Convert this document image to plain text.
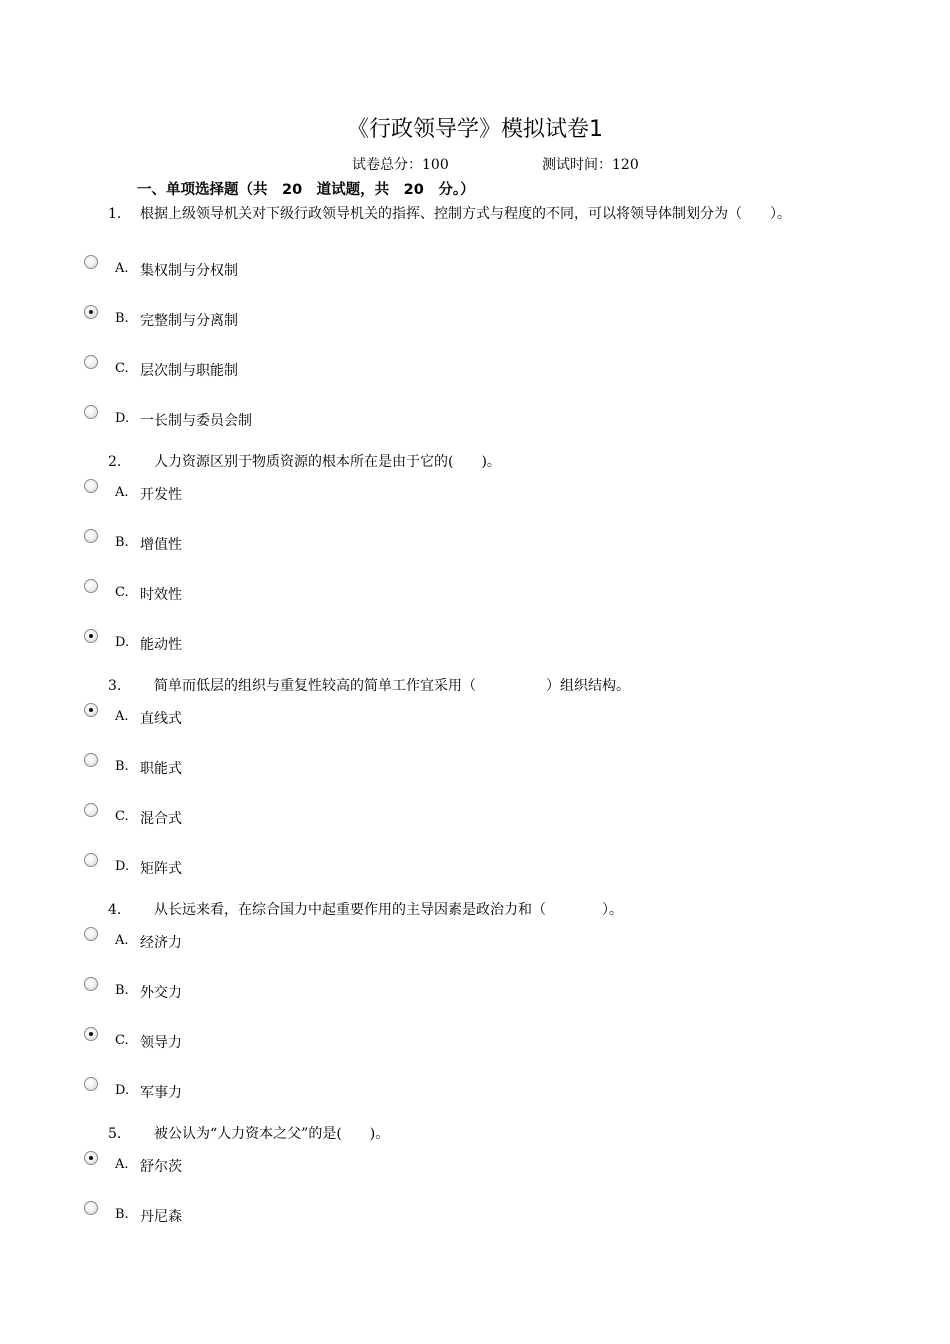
《行政领导学》模拟试卷1
试卷总分：100	测试时间：120
一、单项选择题（共　20　道试题，共　20　分。）
1. 根据上级领导机关对下级行政领导机关的指挥、控制方式与程度的不同，可以将领导体制划分为（　　）。
A. 集权制与分权制
B. 完整制与分离制
C. 层次制与职能制
D. 一长制与委员会制
2. 　人力资源区别于物质资源的根本所在是由于它的(　　)。
A. 开发性
B. 增值性
C. 时效性
D. 能动性
3. 　简单而低层的组织与重复性较高的简单工作宜采用（　　　　　）组织结构。
A. 直线式
B. 职能式
C. 混合式
D. 矩阵式
4. 　从长远来看，在综合国力中起重要作用的主导因素是政治力和（　　　　）。
A. 经济力
B. 外交力
C. 领导力
D. 军事力
5. 　被公认为“人力资本之父”的是(　　)。
A. 舒尔茨
B. 丹尼森
